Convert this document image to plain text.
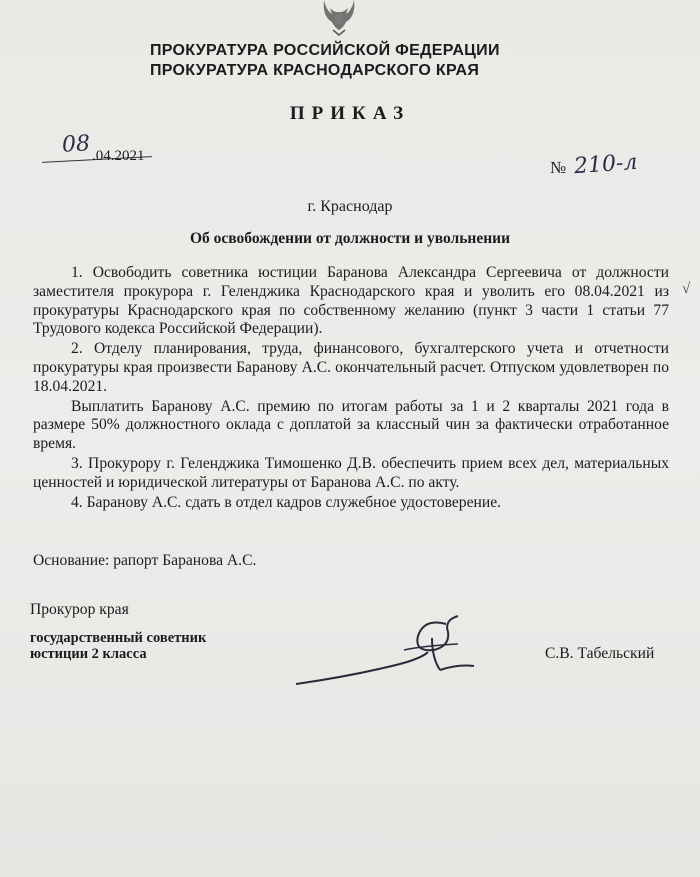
ПРОКУРАТУРА РОССИЙСКОЙ ФЕДЕРАЦИИ
ПРОКУРАТУРА КРАСНОДАРСКОГО КРАЯ
ПРИКАЗ
08 .04.2021
№ 210-л
г. Краснодар
Об освобождении от должности и увольнении

1. Освободить советника юстиции Баранова Александра Сергеевича от должности заместителя прокурора г. Геленджика Краснодарского края и уволить его 08.04.2021 из прокуратуры Краснодарского края по собственному желанию (пункт 3 части 1 статьи 77 Трудового кодекса Российской Федерации).

2. Отделу планирования, труда, финансового, бухгалтерского учета и отчетности прокуратуры края произвести Баранову А.С. окончательный расчет. Отпуском удовлетворен по 18.04.2021.

Выплатить Баранову А.С. премию по итогам работы за 1 и 2 кварталы 2021 года в размере 50% должностного оклада с доплатой за классный чин за фактически отработанное время.

3. Прокурору г. Геленджика Тимошенко Д.В. обеспечить прием всех дел, материальных ценностей и юридической литературы от Баранова А.С. по акту.

4. Баранову А.С. сдать в отдел кадров служебное удостоверение.

√
Основание: рапорт Баранова А.С.
Прокурор края
государственный советник
юстиции 2 класса	С.В. Табельский
